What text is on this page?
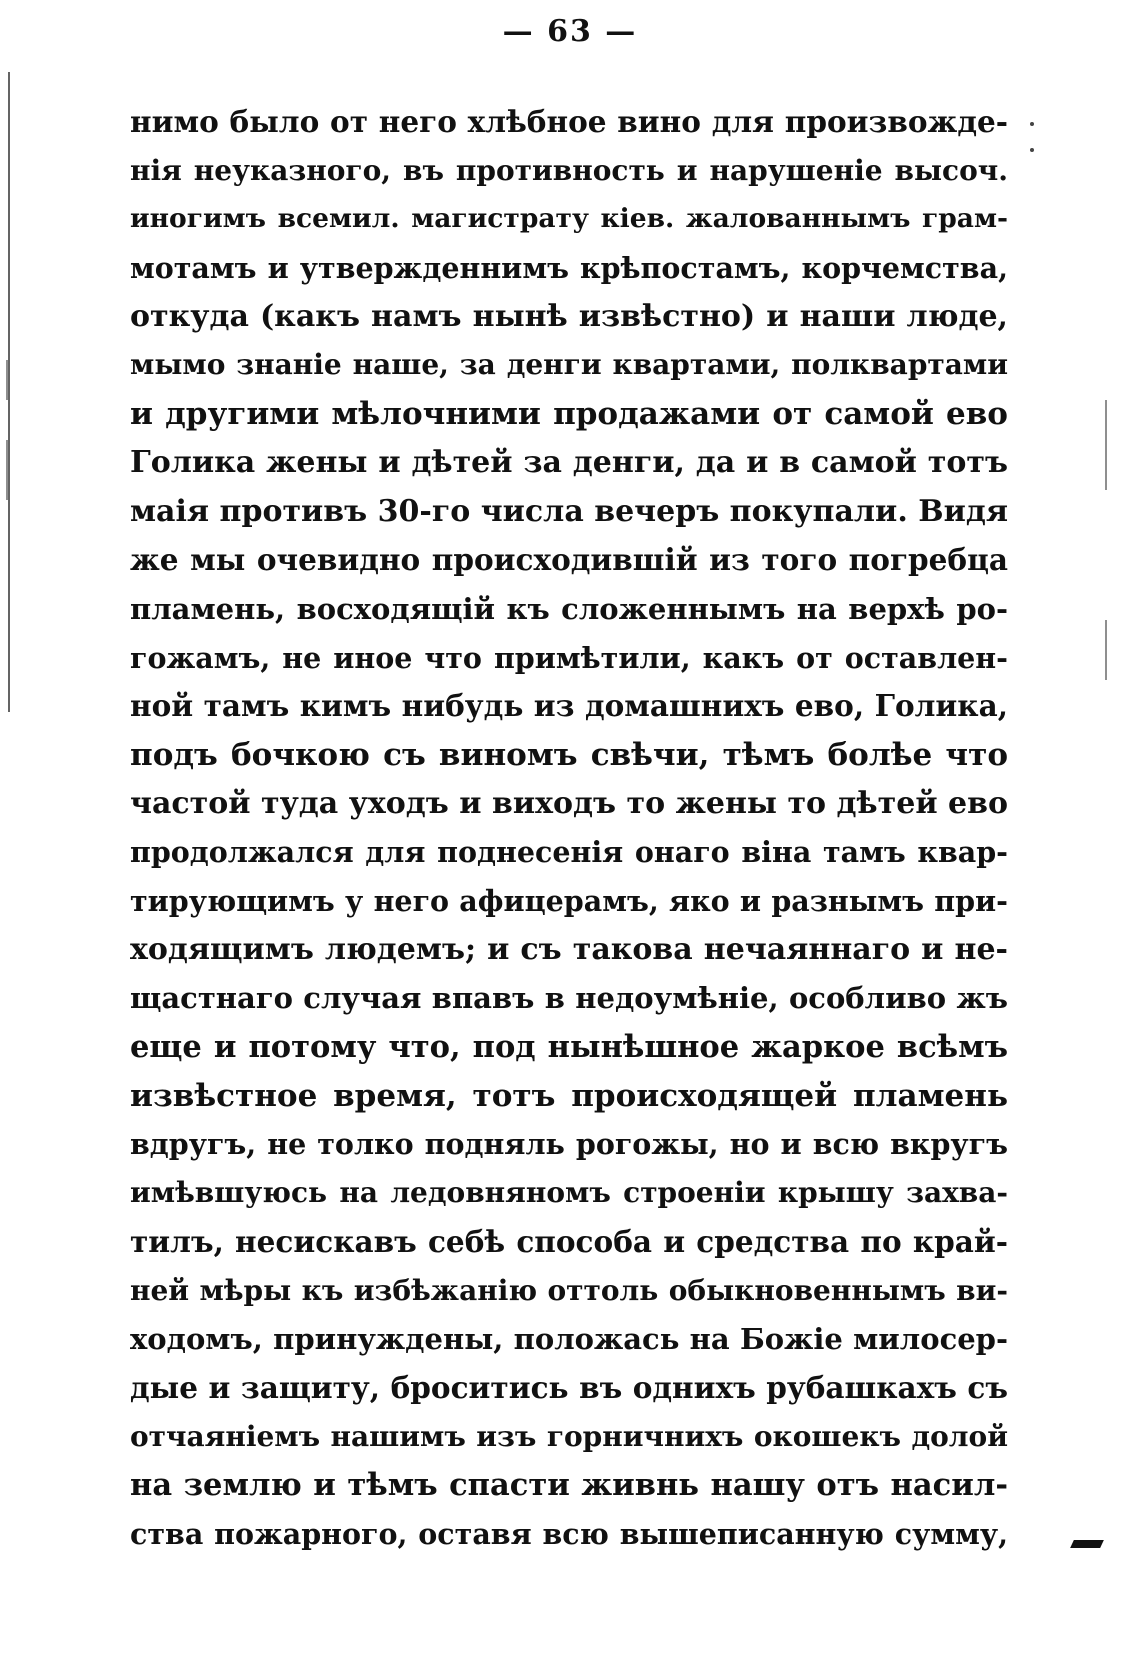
— 63 —
нимо было от него хлѣбное вино для произвожде-
нія неуказного, въ противность и нарушеніе высоч.
иногимъ всемил. магистрату кіев. жалованнымъ грам-
мотамъ и утвержденнимъ крѣпостамъ, корчемства,
откуда (какъ намъ нынѣ извѣстно) и наши люде,
мымо знаніе наше, за денги квартами, полквартами
и другими мѣлочними продажами от самой ево
Голика жены и дѣтей за денги, да и в самой тотъ
маія противъ 30-го числа вечеръ покупали. Видя
же мы очевидно происходившій из того погребца
пламень, восходящій къ сложеннымъ на верхѣ ро-
гожамъ, не иное что примѣтили, какъ от оставлен-
ной тамъ кимъ нибудь из домашнихъ ево, Голика,
подъ бочкою съ виномъ свѣчи, тѣмъ болѣе что
частой туда уходъ и виходъ то жены то дѣтей ево
продолжался для поднесенія онаго віна тамъ квар-
тирующимъ у него афицерамъ, яко и разнымъ при-
ходящимъ людемъ; и съ такова нечаяннаго и не-
щастнаго случая впавъ в недоумѣніе, особливо жъ
еще и потому что, под нынѣшное жаркое всѣмъ
извѣстное время, тотъ происходящей пламень
вдругъ, не толко подняль рогожы, но и всю вкругъ
имѣвшуюсь на ледовняномъ строеніи крышу захва-
тилъ, несискавъ себѣ способа и средства по край-
ней мѣры къ избѣжанію оттоль обыкновеннымъ ви-
ходомъ, принуждены, положась на Божіе милосер-
дые и защиту, броситись въ однихъ рубашкахъ съ
отчаяніемъ нашимъ изъ горничнихъ окошекъ долой
на землю и тѣмъ спасти живнь нашу отъ насил-
ства пожарного, оставя всю вышеписанную сумму,
